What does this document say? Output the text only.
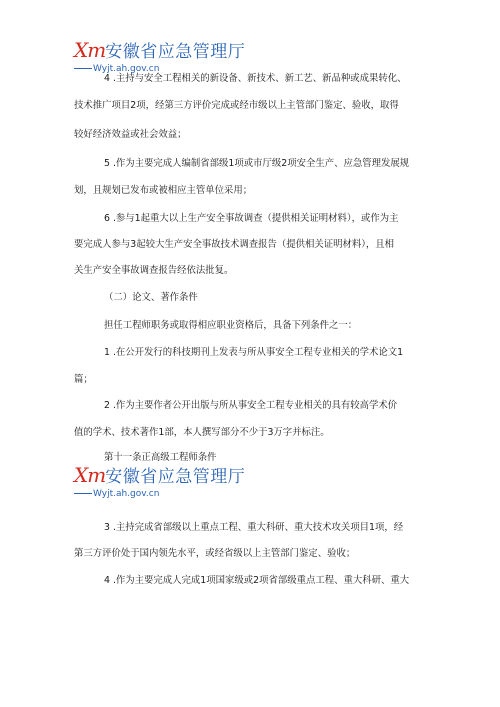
Xm安徽省应急管理厅
Wyjt.ah.gov.cn
4 .主持与安全工程相关的新设备、新技术、新工艺、新品种或成果转化、
技术推广项目2项，经第三方评价完成或经市级以上主管部门鉴定、验收，取得
较好经济效益或社会效益；
5 .作为主要完成人编制省部级1项或市厅级2项安全生产、应急管理发展规
划，且规划已发布或被相应主管单位采用；
6 .参与1起重大以上生产安全事故调查（提供相关证明材料），或作为主
要完成人参与3起较大生产安全事故技术调查报告（提供相关证明材料），且相
关生产安全事故调查报告经依法批复。
（二）论文、著作条件
担任工程师职务或取得相应职业资格后，具备下列条件之一：
1 .在公开发行的科技期刊上发表与所从事安全工程专业相关的学术论文1
篇；
2 .作为主要作者公开出版与所从事安全工程专业相关的具有较高学术价
值的学术、技术著作1部，本人撰写部分不少于3万字并标注。
第十一条正高级工程师条件
Xm安徽省应急管理厅
Wyjt.ah.gov.cn
3 .主持完成省部级以上重点工程、重大科研、重大技术攻关项目1项，经
第三方评价处于国内领先水平，或经省级以上主管部门鉴定、验收；
4 .作为主要完成人完成1项国家级或2项省部级重点工程、重大科研、重大
